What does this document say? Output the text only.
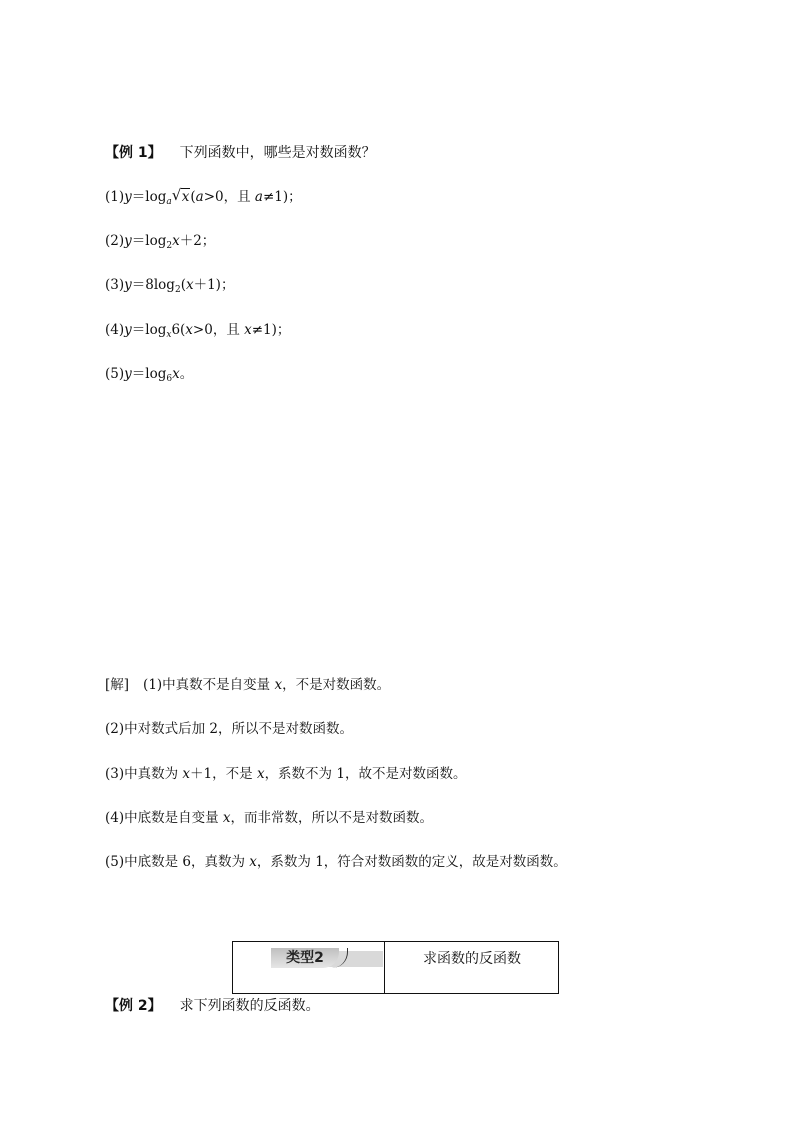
【例 1】 下列函数中，哪些是对数函数？
$(1)y=\log_a$ √ x(a>0，且 a≠1)；
$(2)y=\log_2x+2$；
$(3)y=8\log_2(x+1)$；
$(4)y=\log_x6(x>0$，且 x≠1)；
$(5)y=\log_6x$。
[解] (1)中真数不是自变量 x，不是对数函数。
(2)中对数式后加 2，所以不是对数函数。
(3)中真数为 x＋1，不是 x，系数不为 1，故不是对数函数。
(4)中底数是自变量 x，而非常数，所以不是对数函数。
(5)中底数是 6，真数为 x，系数为 1，符合对数函数的定义，故是对数函数。
类型2	求函数的反函数
【例 2】 求下列函数的反函数。
